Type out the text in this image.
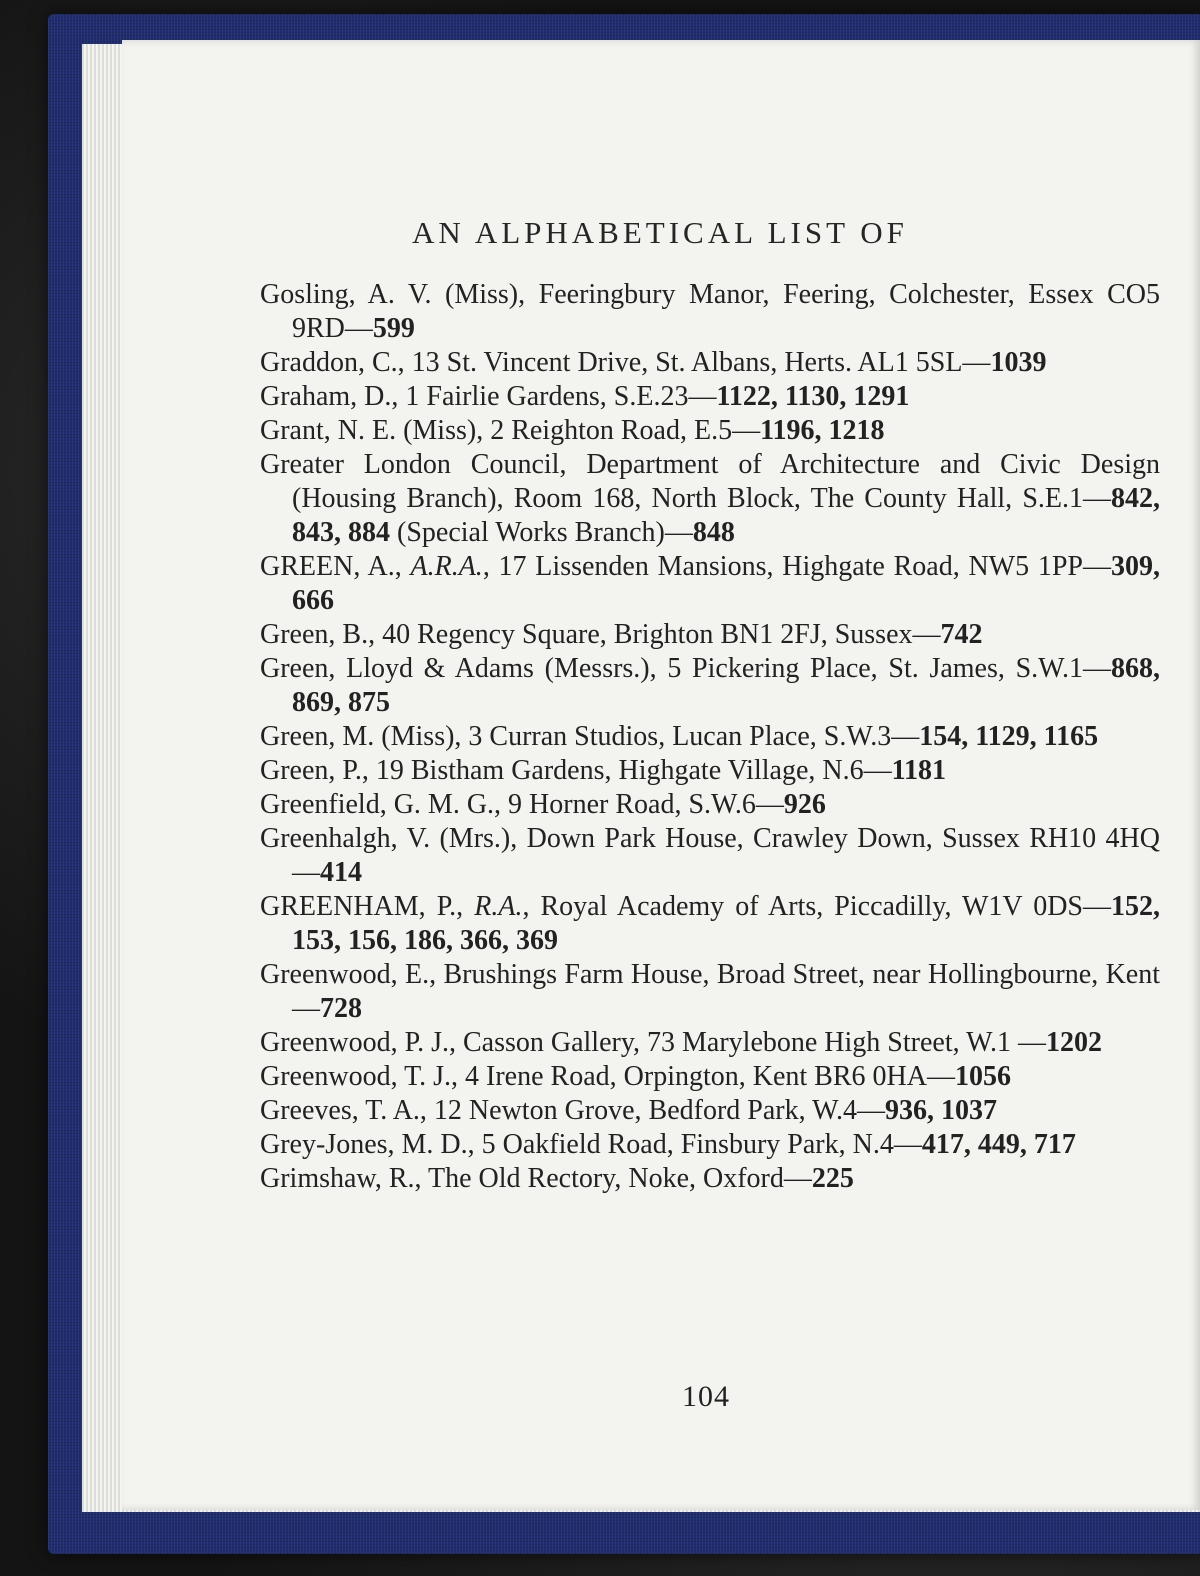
AN ALPHABETICAL LIST OF
Gosling, A. V. (Miss), Feeringbury Manor, Feering, Colchester, Essex CO5 9RD—599
Graddon, C., 13 St. Vincent Drive, St. Albans, Herts. AL1 5SL—1039
Graham, D., 1 Fairlie Gardens, S.E.23—1122, 1130, 1291
Grant, N. E. (Miss), 2 Reighton Road, E.5—1196, 1218
Greater London Council, Department of Architecture and Civic Design (Housing Branch), Room 168, North Block, The County Hall, S.E.1—842, 843, 884 (Special Works Branch)—848
GREEN, A., A.R.A., 17 Lissenden Mansions, Highgate Road, NW5 1PP—309, 666
Green, B., 40 Regency Square, Brighton BN1 2FJ, Sussex—742
Green, Lloyd & Adams (Messrs.), 5 Pickering Place, St. James, S.W.1—868, 869, 875
Green, M. (Miss), 3 Curran Studios, Lucan Place, S.W.3—154, 1129, 1165
Green, P., 19 Bistham Gardens, Highgate Village, N.6—1181
Greenfield, G. M. G., 9 Horner Road, S.W.6—926
Greenhalgh, V. (Mrs.), Down Park House, Crawley Down, Sussex RH10 4HQ—414
GREENHAM, P., R.A., Royal Academy of Arts, Piccadilly, W1V 0DS—152, 153, 156, 186, 366, 369
Greenwood, E., Brushings Farm House, Broad Street, near Hollingbourne, Kent—728
Greenwood, P. J., Casson Gallery, 73 Marylebone High Street, W.1 —1202
Greenwood, T. J., 4 Irene Road, Orpington, Kent BR6 0HA—1056
Greeves, T. A., 12 Newton Grove, Bedford Park, W.4—936, 1037
Grey-Jones, M. D., 5 Oakfield Road, Finsbury Park, N.4—417, 449, 717
Grimshaw, R., The Old Rectory, Noke, Oxford—225
104
